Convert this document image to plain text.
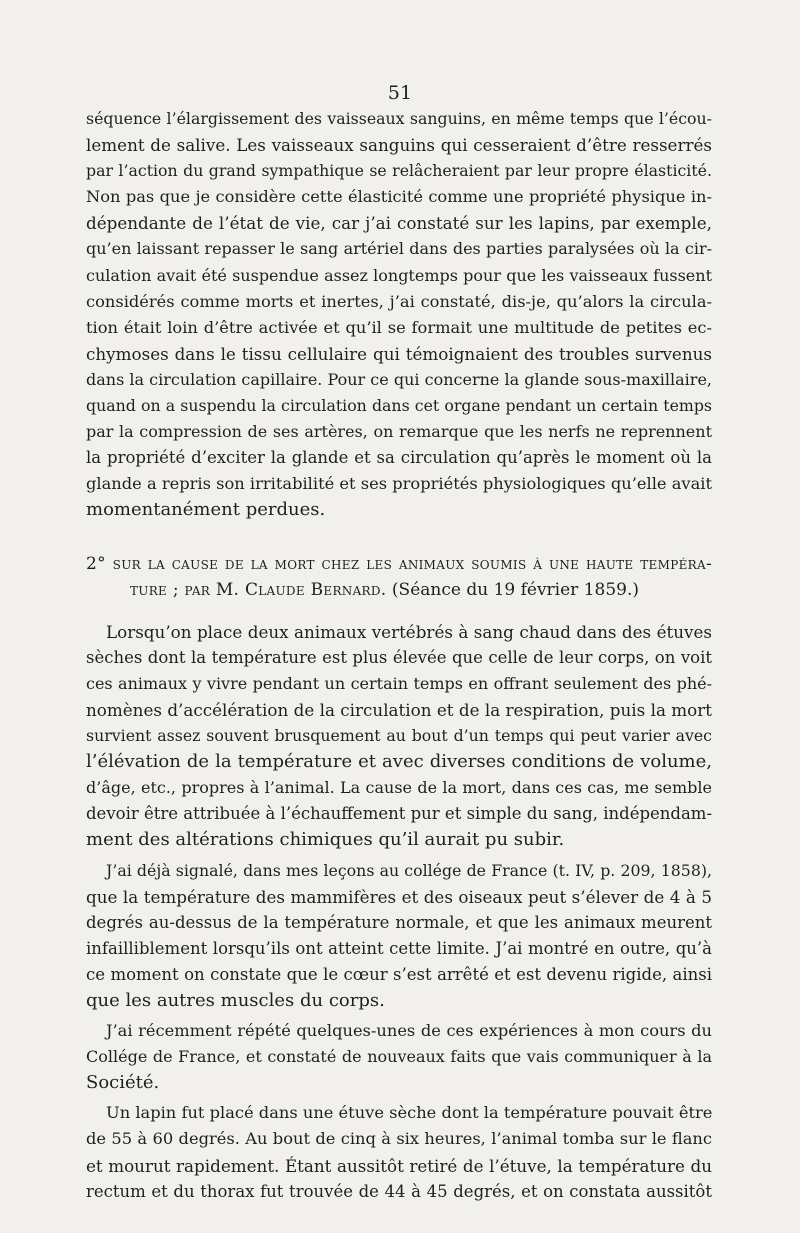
51
séquence l’élargissement des vaisseaux sanguins, en même temps que l’écou-
lement de salive. Les vaisseaux sanguins qui cesseraient d’être resserrés
par l’action du grand sympathique se relâcheraient par leur propre élasticité.
Non pas que je considère cette élasticité comme une propriété physique in-
dépendante de l’état de vie, car j’ai constaté sur les lapins, par exemple,
qu’en laissant repasser le sang artériel dans des parties paralysées où la cir-
culation avait été suspendue assez longtemps pour que les vaisseaux fussent
considérés comme morts et inertes, j’ai constaté, dis-je, qu’alors la circula-
tion était loin d’être activée et qu’il se formait une multitude de petites ec-
chymoses dans le tissu cellulaire qui témoignaient des troubles survenus
dans la circulation capillaire. Pour ce qui concerne la glande sous-maxillaire,
quand on a suspendu la circulation dans cet organe pendant un certain temps
par la compression de ses artères, on remarque que les nerfs ne reprennent
la propriété d’exciter la glande et sa circulation qu’après le moment où la
glande a repris son irritabilité et ses propriétés physiologiques qu’elle avait
momentanément perdues.
2° sur la cause de la mort chez les animaux soumis à une haute tempéra-
ture ; par M. Claude Bernard. (Séance du 19 février 1859.)
Lorsqu’on place deux animaux vertébrés à sang chaud dans des étuves
sèches dont la température est plus élevée que celle de leur corps, on voit
ces animaux y vivre pendant un certain temps en offrant seulement des phé-
nomènes d’accélération de la circulation et de la respiration, puis la mort
survient assez souvent brusquement au bout d’un temps qui peut varier avec
l’élévation de la température et avec diverses conditions de volume,
d’âge, etc., propres à l’animal. La cause de la mort, dans ces cas, me semble
devoir être attribuée à l’échauffement pur et simple du sang, indépendam-
ment des altérations chimiques qu’il aurait pu subir.
J’ai déjà signalé, dans mes leçons au collége de France (t. IV, p. 209, 1858),
que la température des mammifères et des oiseaux peut s’élever de 4 à 5
degrés au-dessus de la température normale, et que les animaux meurent
infailliblement lorsqu’ils ont atteint cette limite. J’ai montré en outre, qu’à
ce moment on constate que le cœur s’est arrêté et est devenu rigide, ainsi
que les autres muscles du corps.
J’ai récemment répété quelques-unes de ces expériences à mon cours du
Collége de France, et constaté de nouveaux faits que vais communiquer à la
Société.
Un lapin fut placé dans une étuve sèche dont la température pouvait être
de 55 à 60 degrés. Au bout de cinq à six heures, l’animal tomba sur le flanc
et mourut rapidement. Étant aussitôt retiré de l’étuve, la température du
rectum et du thorax fut trouvée de 44 à 45 degrés, et on constata aussitôt
